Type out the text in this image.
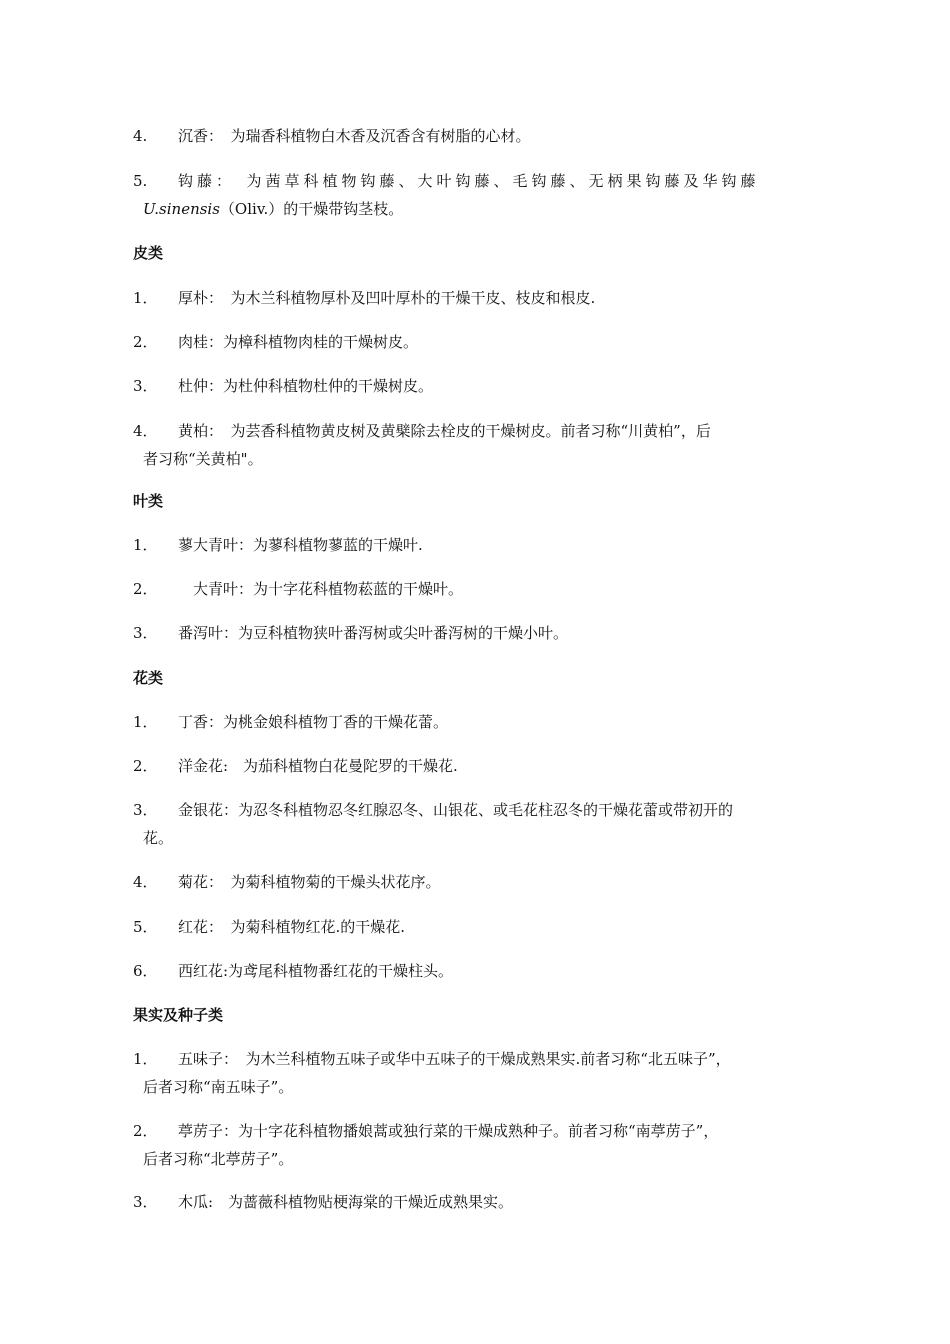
4. 沉香：　为瑞香科植物白木香及沉香含有树脂的心材。
5. 钩藤：　为茜草科植物钩藤、大叶钩藤、毛钩藤、无柄果钩藤及华钩藤
U.sinensis（Oliv.）的干燥带钩茎枝。
皮类
1． 厚朴：　为木兰科植物厚朴及凹叶厚朴的干燥干皮、枝皮和根皮.
2． 肉桂：为樟科植物肉桂的干燥树皮。
3． 杜仲：为杜仲科植物杜仲的干燥树皮。
4． 黄柏：　为芸香科植物黄皮树及黄檗除去栓皮的干燥树皮。前者习称“川黄柏”，后
者习称“关黄柏"。
叶类
1． 蓼大青叶：为蓼科植物蓼蓝的干燥叶.
2．　大青叶：为十字花科植物菘蓝的干燥叶。
3． 番泻叶：为豆科植物狭叶番泻树或尖叶番泻树的干燥小叶。
花类
1． 丁香：为桃金娘科植物丁香的干燥花蕾。
2． 洋金花:　为茄科植物白花曼陀罗的干燥花.
3． 金银花：为忍冬科植物忍冬红腺忍冬、山银花、或毛花柱忍冬的干燥花蕾或带初开的
花。
4． 菊花：　为菊科植物菊的干燥头状花序。
5． 红花：　为菊科植物红花.的干燥花.
6． 西红花:为鸢尾科植物番红花的干燥柱头。
果实及种子类
1． 五味子：　为木兰科植物五味子或华中五味子的干燥成熟果实.前者习称“北五味子”，
后者习称“南五味子”。
2． 葶苈子：为十字花科植物播娘蒿或独行菜的干燥成熟种子。前者习称“南葶苈子”，
后者习称“北葶苈子”。
3． 木瓜:　为蔷薇科植物贴梗海棠的干燥近成熟果实。
